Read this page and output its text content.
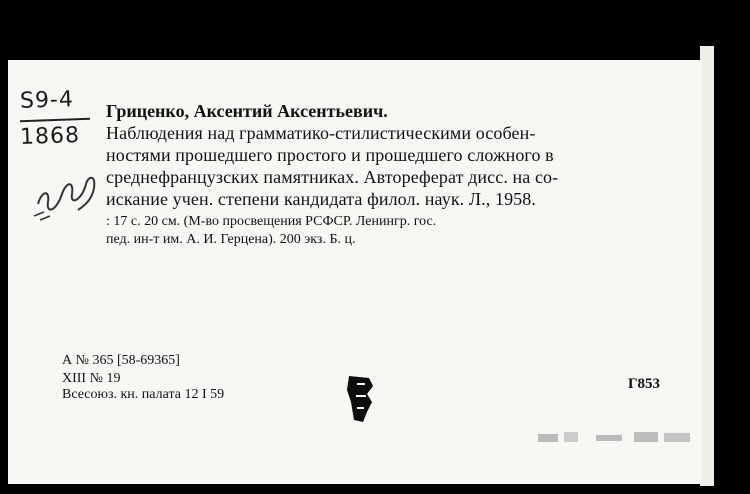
S9-4
1868
Гриценко, Аксентий Аксентьевич.
Наблюдения над грамматико-стилистическими особен-
ностями прошедшего простого и прошедшего сложного в
среднефранцузских памятниках. Автореферат дисс. на со-
искание учен. степени кандидата филол. наук. Л., 1958.
: 17 с. 20 см. (М-во просвещения РСФСР. Ленингр. гос.
пед. ин-т им. А. И. Герцена). 200 экз. Б. ц.
А № 365 [58-69365]
XIII № 19
Всесоюз. кн. палата 12 I 59
Г853
